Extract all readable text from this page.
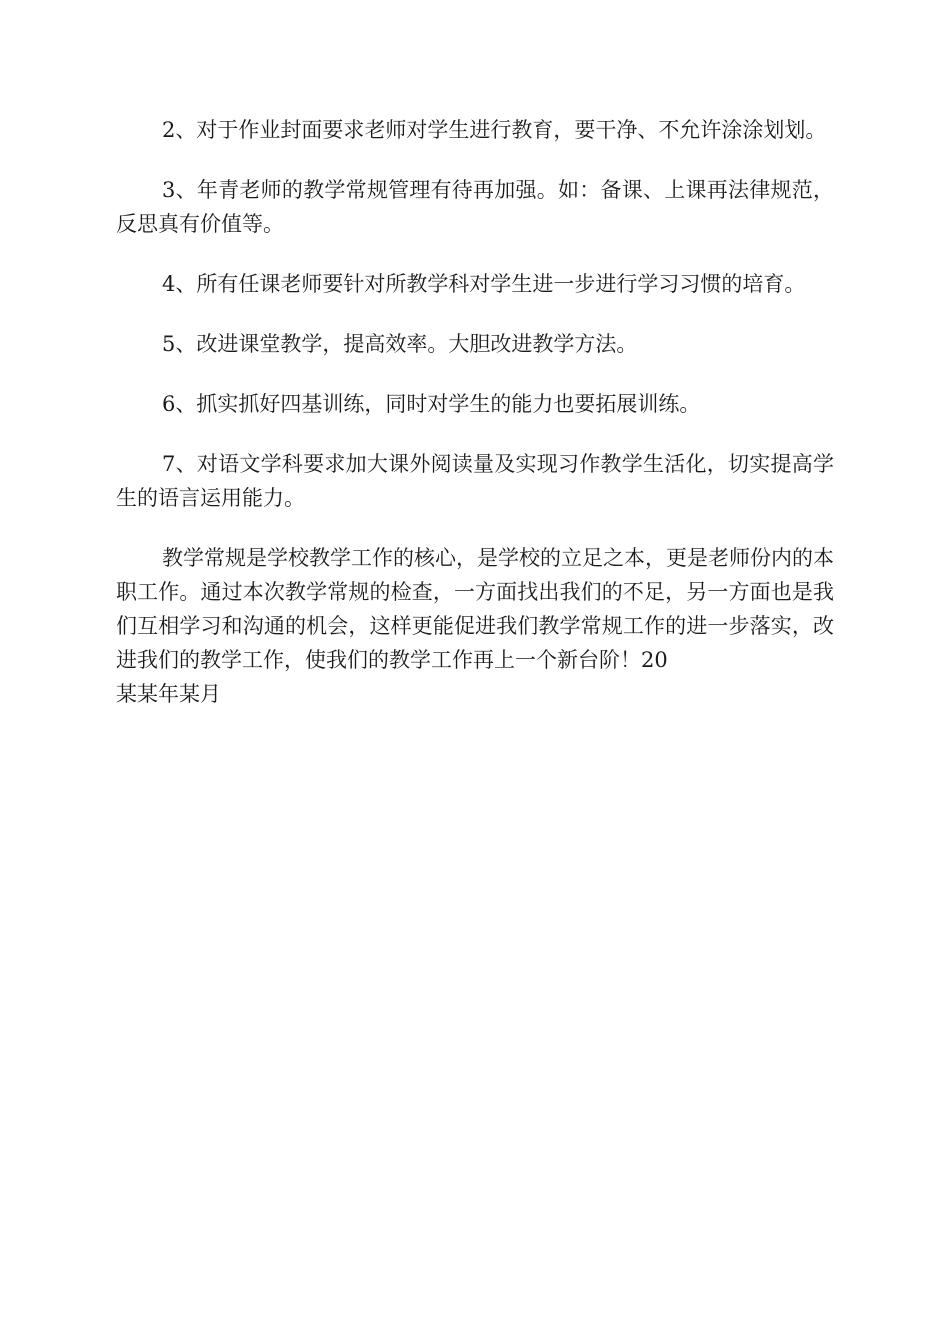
2、对于作业封面要求老师对学生进行教育，要干净、不允许涂涂划划。

3、年青老师的教学常规管理有待再加强。如：备课、上课再法律规范，反思真有价值等。

4、所有任课老师要针对所教学科对学生进一步进行学习习惯的培育。

5、改进课堂教学，提高效率。大胆改进教学方法。

6、抓实抓好四基训练，同时对学生的能力也要拓展训练。

7、对语文学科要求加大课外阅读量及实现习作教学生活化，切实提高学生的语言运用能力。

教学常规是学校教学工作的核心，是学校的立足之本，更是老师份内的本职工作。通过本次教学常规的检查，一方面找出我们的不足，另一方面也是我们互相学习和沟通的机会，这样更能促进我们教学常规工作的进一步落实，改进我们的教学工作，使我们的教学工作再上一个新台阶！20

某某年某月
